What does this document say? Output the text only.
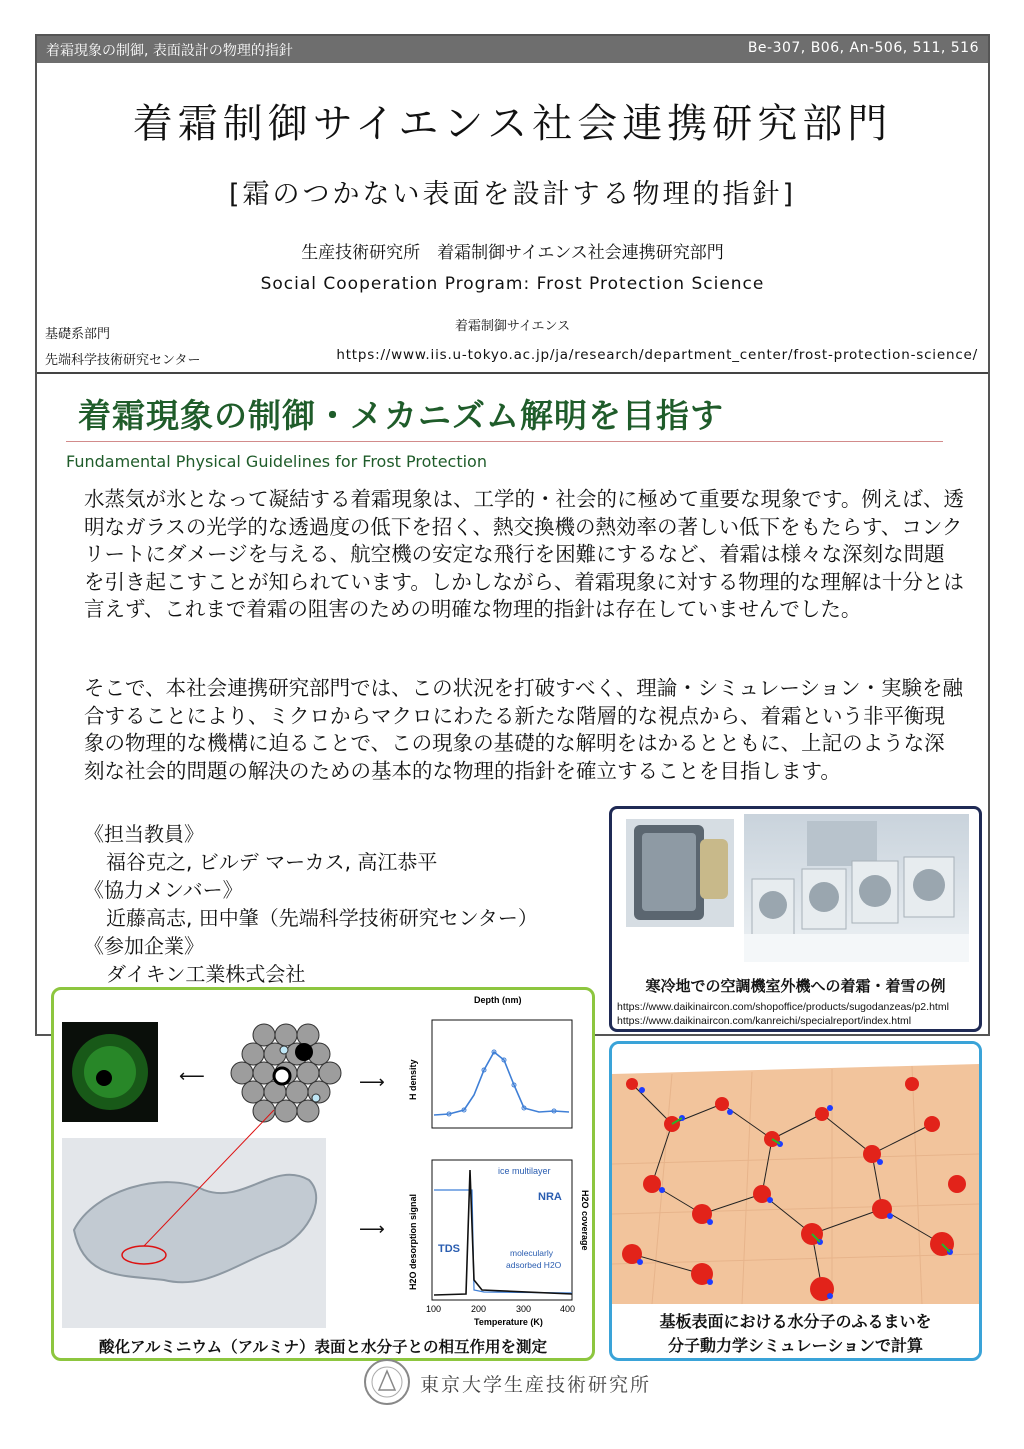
着霜現象の制御, 表面設計の物理的指針	Be-307, B06, An-506, 511, 516
着霜制御サイエンス社会連携研究部門
[霜のつかない表面を設計する物理的指針]
生産技術研究所　着霜制御サイエンス社会連携研究部門
Social Cooperation Program: Frost Protection Science
着霜制御サイエンス
基礎系部門
先端科学技術研究センター	https://www.iis.u-tokyo.ac.jp/ja/research/department_center/frost-protection-science/
着霜現象の制御・メカニズム解明を目指す
Fundamental Physical Guidelines for Frost Protection
水蒸気が氷となって凝結する着霜現象は、工学的・社会的に極めて重要な現象です。例えば、透明なガラスの光学的な透過度の低下を招く、熱交換機の熱効率の著しい低下をもたらす、コンクリートにダメージを与える、航空機の安定な飛行を困難にするなど、着霜は様々な深刻な問題を引き起こすことが知られています。しかしながら、着霜現象に対する物理的な理解は十分とは言えず、これまで着霜の阻害のための明確な物理的指針は存在していませんでした。
そこで、本社会連携研究部門では、この状況を打破すべく、理論・シミュレーション・実験を融合することにより、ミクロからマクロにわたる新たな階層的な視点から、着霜という非平衡現象の物理的な機構に迫ることで、この現象の基礎的な解明をはかるとともに、上記のような深刻な社会的問題の解決のための基本的な物理的指針を確立することを目指します。
《担当教員》
福谷克之, ビルデ マーカス, 高江恭平
《協力メンバー》
近藤高志, 田中肇（先端科学技術研究センター）
《参加企業》
ダイキン工業株式会社	寒冷地での空調機室外機への着霜・着雪の例
https://www.daikinaircon.com/shopoffice/products/sugodanzeas/p2.html
https://www.daikinaircon.com/kanreichi/specialreport/index.html
基板表面における水分子のふるまいを
分子動力学シミュレーションで計算
⟵	⟶
Depth (nm)
H density
⟶	H2O desorption signal	H2O coverage
ice multilayer
NRA
TDS	molecularly
adsorbed H2O
100	200	300	400
Temperature (K)
酸化アルミニウム（アルミナ）表面と水分子との相互作用を測定
東京大学生産技術研究所
